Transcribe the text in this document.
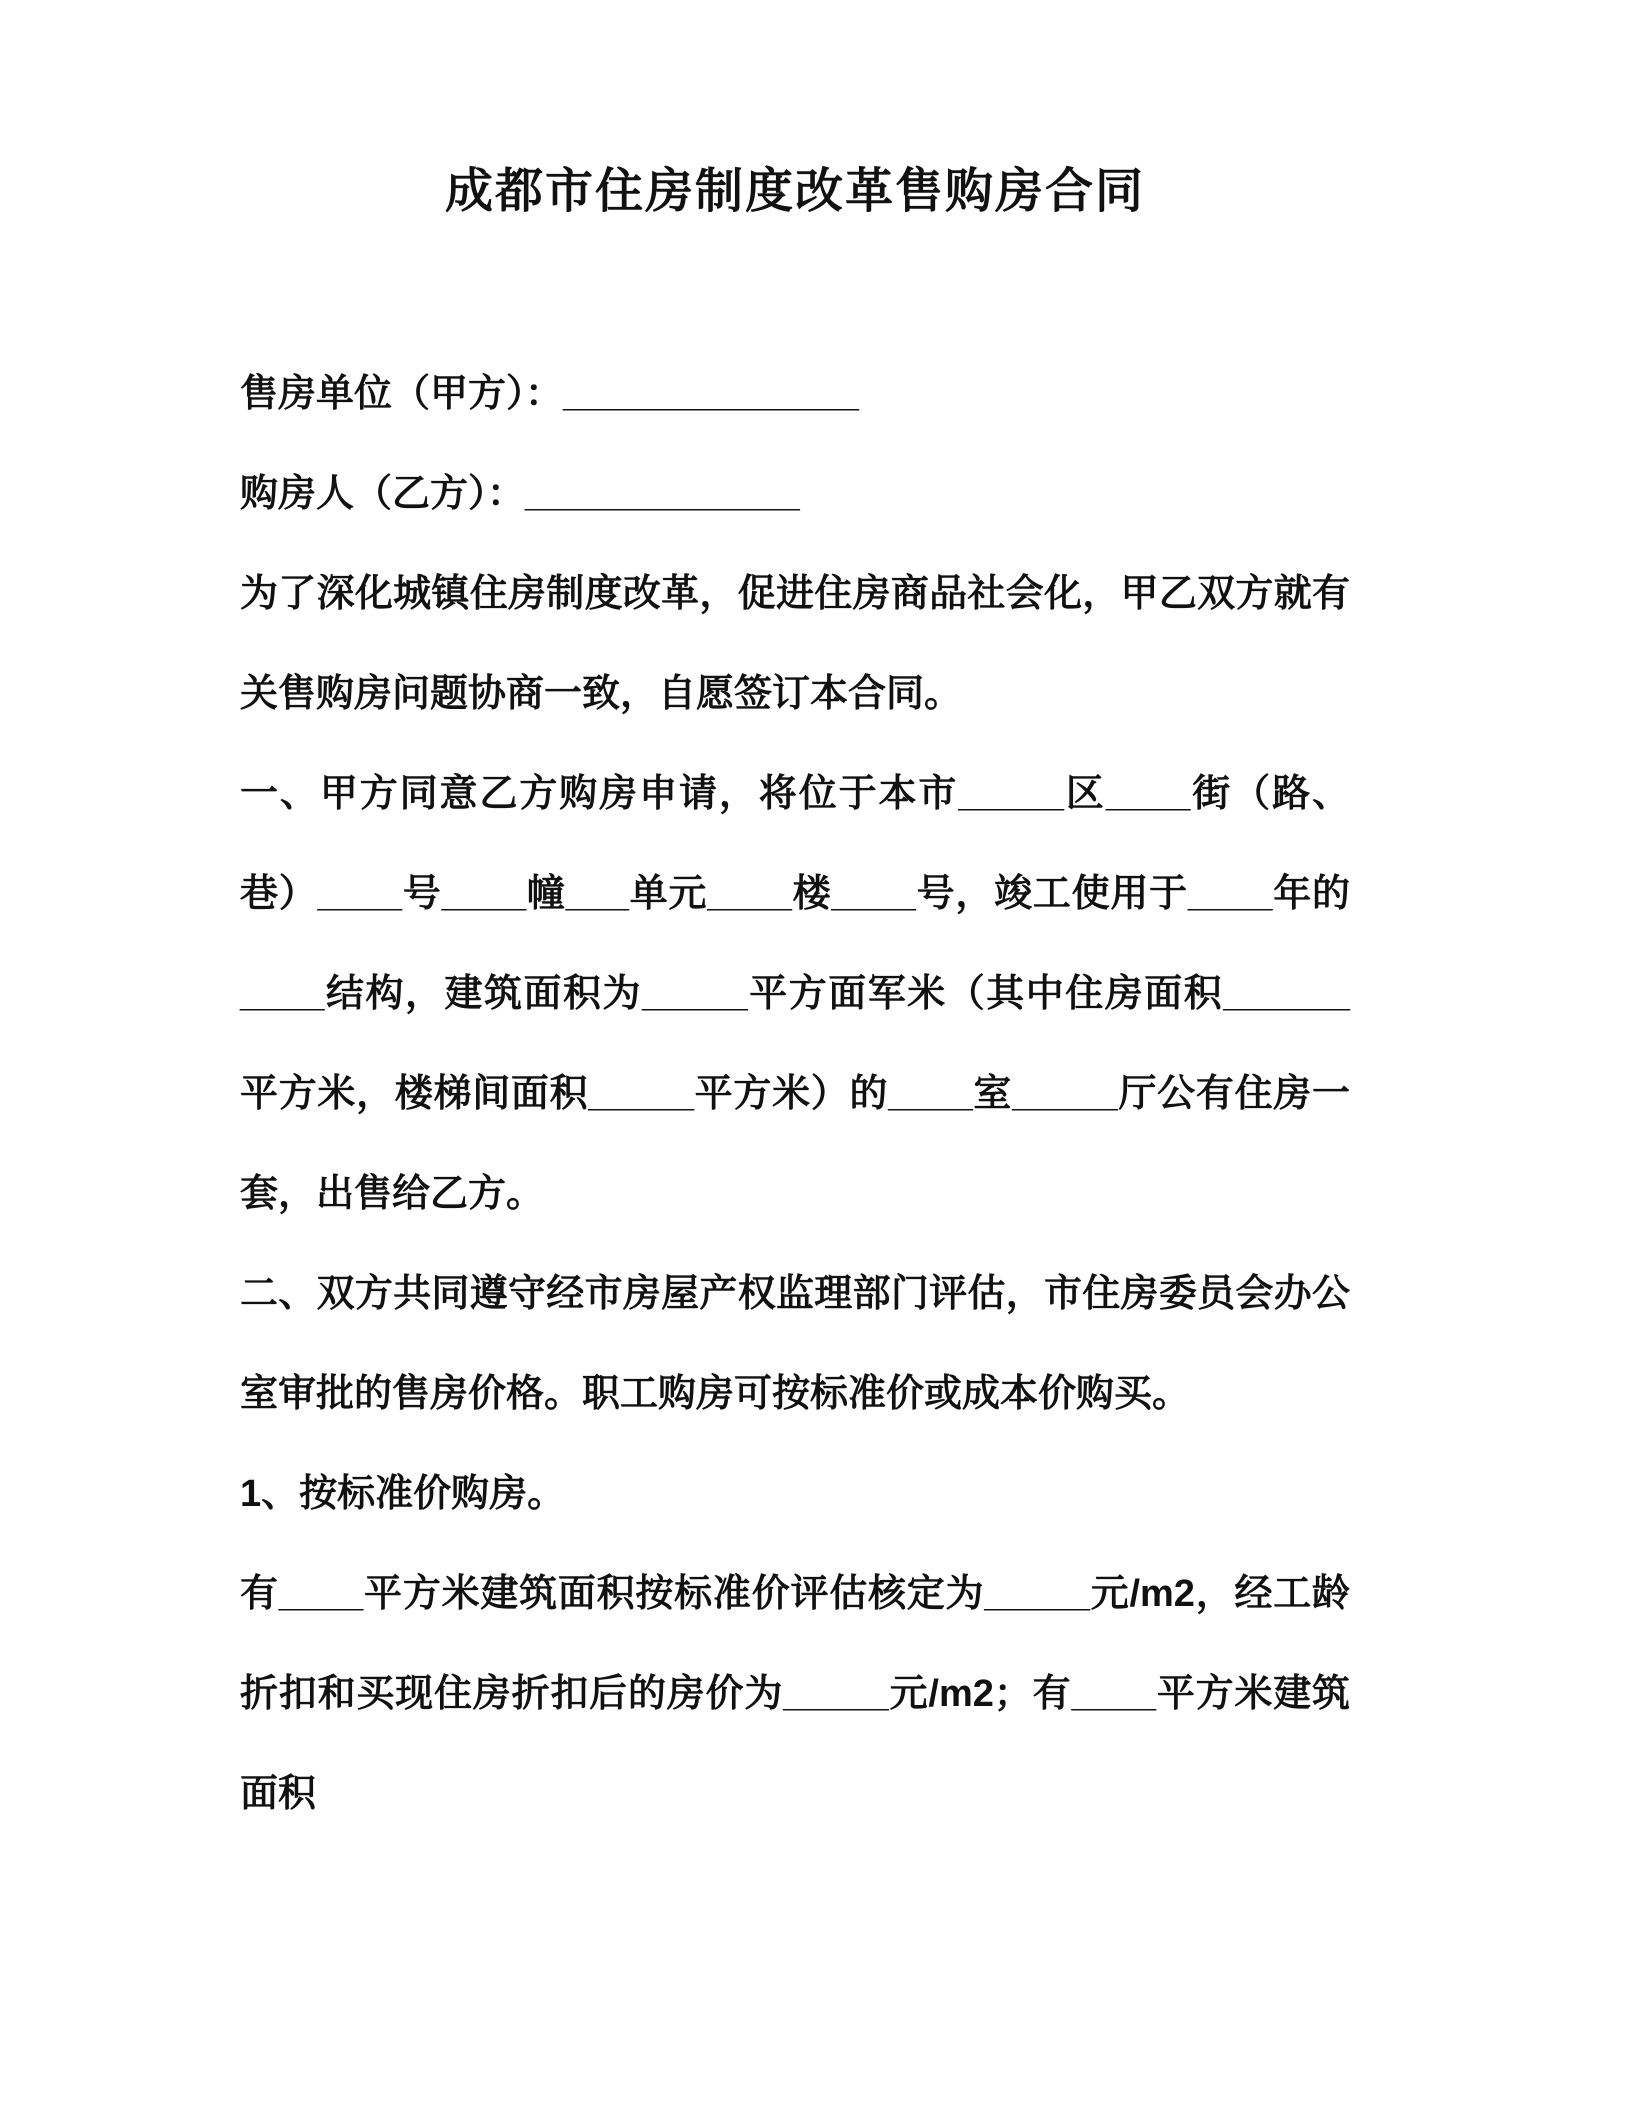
成都市住房制度改革售购房合同

售房单位（甲方）：______________

购房人（乙方）：_____________

为了深化城镇住房制度改革，促进住房商品社会化，甲乙双方就有关售购房问题协商一致，自愿签订本合同。

一、甲方同意乙方购房申请，将位于本市_____区____街（路、巷）____号____幢___单元____楼____号，竣工使用于____年的____结构，建筑面积为_____平方面军米（其中住房面积______平方米，楼梯间面积_____平方米）的____室_____厅公有住房一套，出售给乙方。

二、双方共同遵守经市房屋产权监理部门评估，市住房委员会办公室审批的售房价格。职工购房可按标准价或成本价购买。

1、按标准价购房。

有____平方米建筑面积按标准价评估核定为_____元/m2，经工龄折扣和买现住房折扣后的房价为_____元/m2；有____平方米建筑面积
